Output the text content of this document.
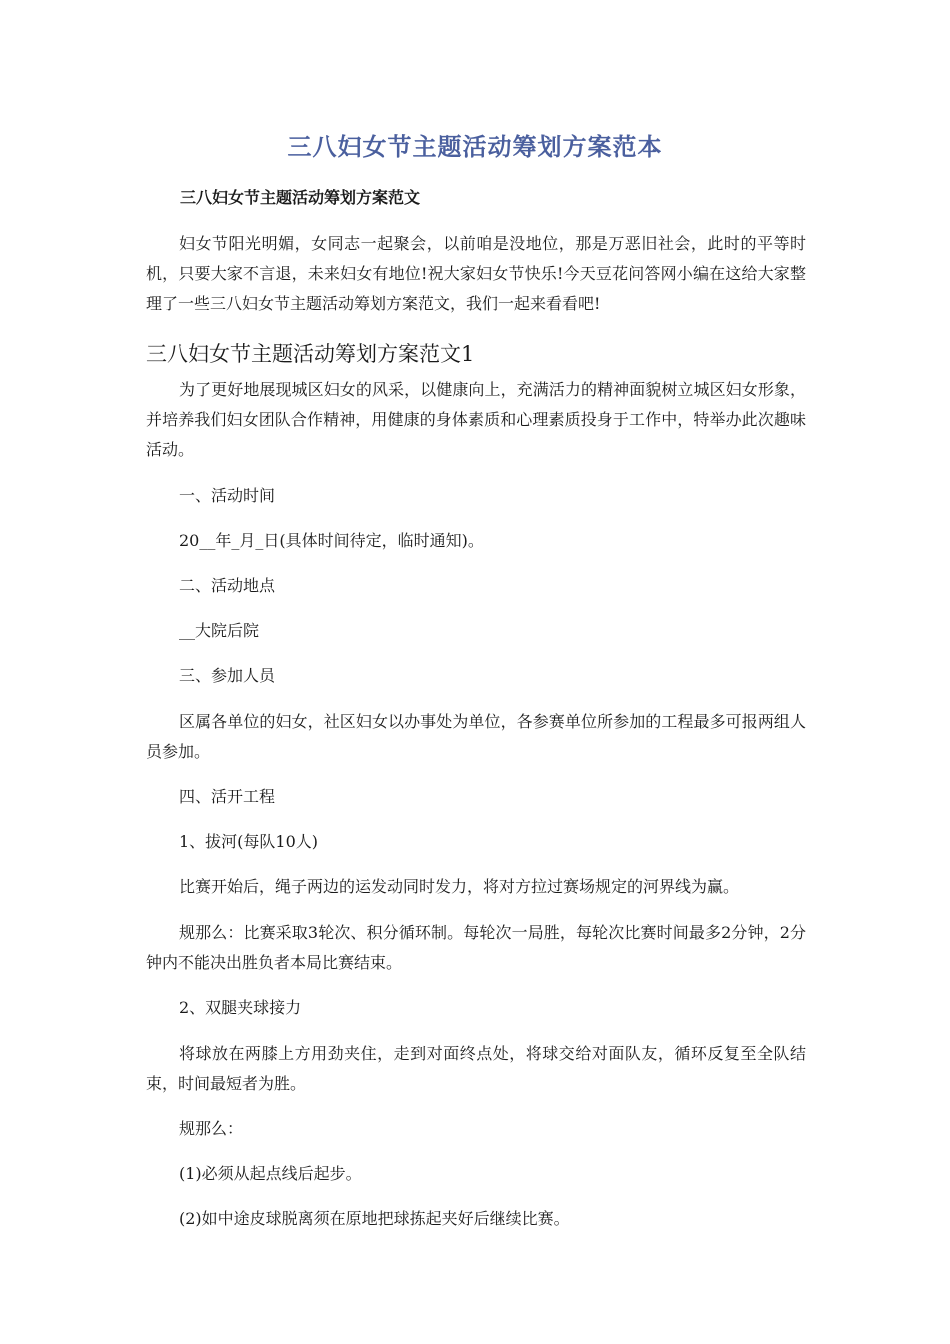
三八妇女节主题活动筹划方案范本
三八妇女节主题活动筹划方案范文

妇女节阳光明媚，女同志一起聚会，以前咱是没地位，那是万恶旧社会，此时的平等时机，只要大家不言退，未来妇女有地位!祝大家妇女节快乐!今天豆花问答网小编在这给大家整理了一些三八妇女节主题活动筹划方案范文，我们一起来看看吧!

三八妇女节主题活动筹划方案范文1

为了更好地展现城区妇女的风采，以健康向上，充满活力的精神面貌树立城区妇女形象，并培养我们妇女团队合作精神，用健康的身体素质和心理素质投身于工作中，特举办此次趣味活动。

一、活动时间
20__年_月_日(具体时间待定，临时通知)。
二、活动地点
__大院后院
三、参加人员

区属各单位的妇女，社区妇女以办事处为单位，各参赛单位所参加的工程最多可报两组人员参加。

四、活开工程
1、拔河(每队10人)
比赛开始后，绳子两边的运发动同时发力，将对方拉过赛场规定的河界线为赢。

规那么：比赛采取3轮次、积分循环制。每轮次一局胜，每轮次比赛时间最多2分钟，2分钟内不能决出胜负者本局比赛结束。

2、双腿夹球接力

将球放在两膝上方用劲夹住，走到对面终点处，将球交给对面队友，循环反复至全队结束，时间最短者为胜。

规那么：
(1)必须从起点线后起步。
(2)如中途皮球脱离须在原地把球拣起夹好后继续比赛。
